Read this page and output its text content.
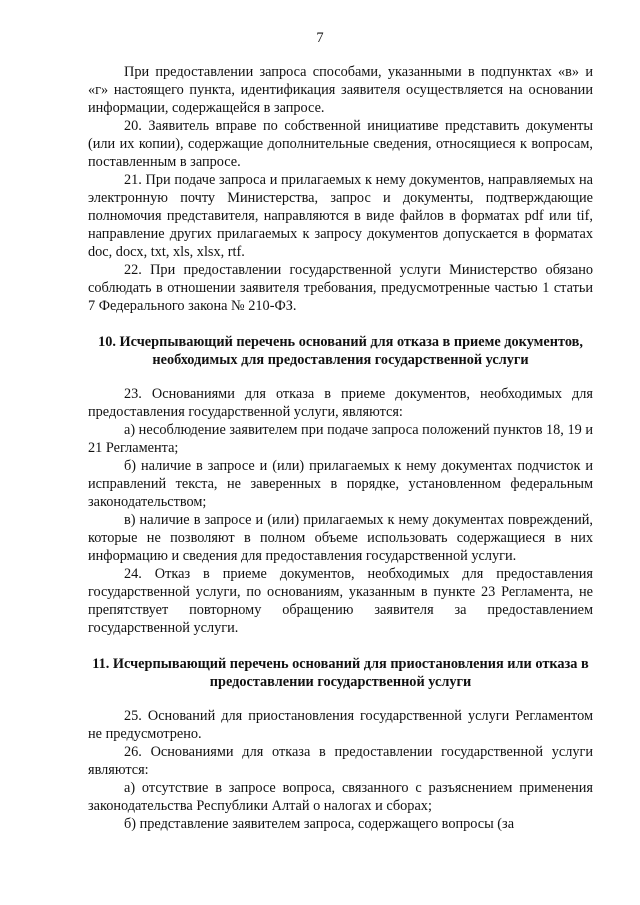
7

При предоставлении запроса способами, указанными в подпунктах «в» и «г» настоящего пункта, идентификация заявителя осуществляется на основании информации, содержащейся в запросе.

20. Заявитель вправе по собственной инициативе представить документы (или их копии), содержащие дополнительные сведения, относящиеся к вопросам, поставленным в запросе.

21. При подаче запроса и прилагаемых к нему документов, направляемых на электронную почту Министерства, запрос и документы, подтверждающие полномочия представителя, направляются в виде файлов в форматах pdf или tif, направление других прилагаемых к запросу документов допускается в форматах doc, docx, txt, xls, xlsx, rtf.

22. При предоставлении государственной услуги Министерство обязано соблюдать в отношении заявителя требования, предусмотренные частью 1 статьи 7 Федерального закона № 210-ФЗ.

10. Исчерпывающий перечень оснований для отказа в приеме документов, необходимых для предоставления государственной услуги

23. Основаниями для отказа в приеме документов, необходимых для предоставления государственной услуги, являются:

а) несоблюдение заявителем при подаче запроса положений пунктов 18, 19 и 21 Регламента;

б) наличие в запросе и (или) прилагаемых к нему документах подчисток и исправлений текста, не заверенных в порядке, установленном федеральным законодательством;

в) наличие в запросе и (или) прилагаемых к нему документах повреждений, которые не позволяют в полном объеме использовать содержащиеся в них информацию и сведения для предоставления государственной услуги.

24. Отказ в приеме документов, необходимых для предоставления государственной услуги, по основаниям, указанным в пункте 23 Регламента, не препятствует повторному обращению заявителя за предоставлением государственной услуги.

11. Исчерпывающий перечень оснований для приостановления или отказа в предоставлении государственной услуги

25. Оснований для приостановления государственной услуги Регламентом не предусмотрено.

26. Основаниями для отказа в предоставлении государственной услуги являются:

а) отсутствие в запросе вопроса, связанного с разъяснением применения законодательства Республики Алтай о налогах и сборах;

б) представление заявителем запроса, содержащего вопросы (за
